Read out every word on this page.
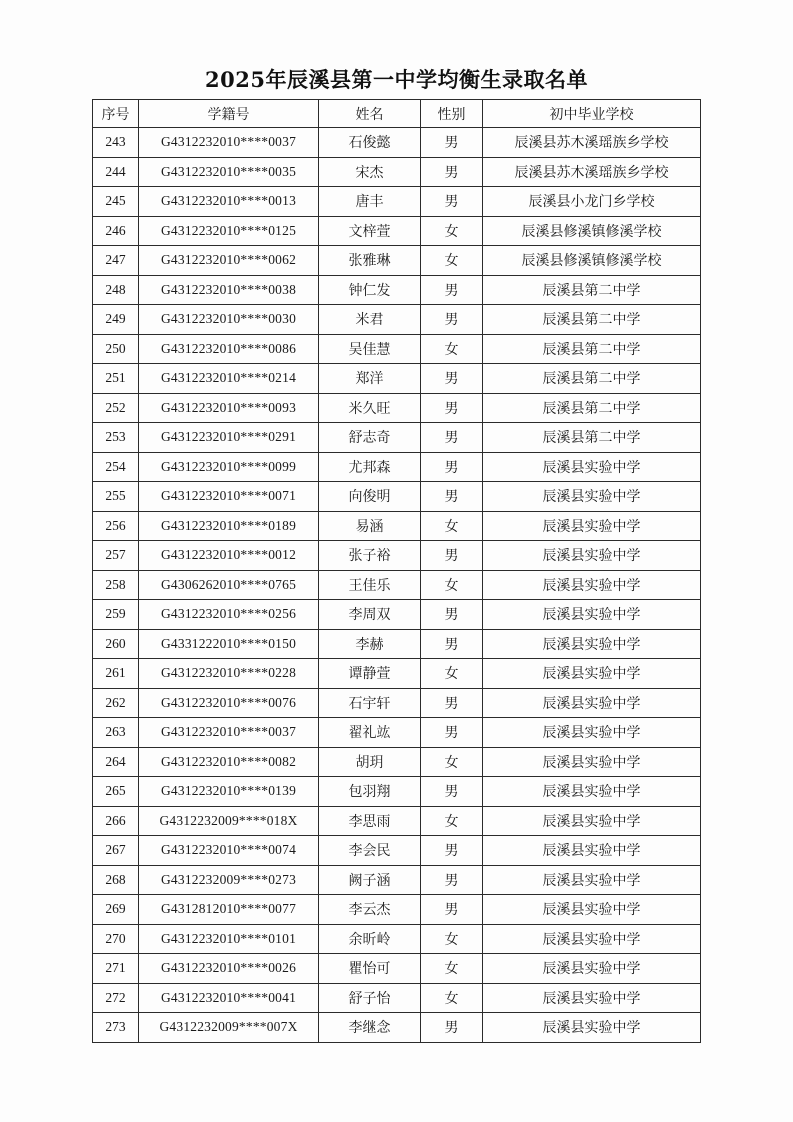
2025年辰溪县第一中学均衡生录取名单
序号	学籍号	姓名	性别	初中毕业学校
243	G4312232010****0037	石俊懿	男	辰溪县苏木溪瑶族乡学校
244	G4312232010****0035	宋杰	男	辰溪县苏木溪瑶族乡学校
245	G4312232010****0013	唐丰	男	辰溪县小龙门乡学校
246	G4312232010****0125	文梓萱	女	辰溪县修溪镇修溪学校
247	G4312232010****0062	张雅琳	女	辰溪县修溪镇修溪学校
248	G4312232010****0038	钟仁发	男	辰溪县第二中学
249	G4312232010****0030	米君	男	辰溪县第二中学
250	G4312232010****0086	吴佳慧	女	辰溪县第二中学
251	G4312232010****0214	郑洋	男	辰溪县第二中学
252	G4312232010****0093	米久旺	男	辰溪县第二中学
253	G4312232010****0291	舒志奇	男	辰溪县第二中学
254	G4312232010****0099	尤邦森	男	辰溪县实验中学
255	G4312232010****0071	向俊明	男	辰溪县实验中学
256	G4312232010****0189	易涵	女	辰溪县实验中学
257	G4312232010****0012	张子裕	男	辰溪县实验中学
258	G4306262010****0765	王佳乐	女	辰溪县实验中学
259	G4312232010****0256	李周双	男	辰溪县实验中学
260	G4331222010****0150	李赫	男	辰溪县实验中学
261	G4312232010****0228	谭静萱	女	辰溪县实验中学
262	G4312232010****0076	石宇轩	男	辰溪县实验中学
263	G4312232010****0037	翟礼竑	男	辰溪县实验中学
264	G4312232010****0082	胡玥	女	辰溪县实验中学
265	G4312232010****0139	包羽翔	男	辰溪县实验中学
266	G4312232009****018X	李思雨	女	辰溪县实验中学
267	G4312232010****0074	李会民	男	辰溪县实验中学
268	G4312232009****0273	阙子涵	男	辰溪县实验中学
269	G4312812010****0077	李云杰	男	辰溪县实验中学
270	G4312232010****0101	余昕岭	女	辰溪县实验中学
271	G4312232010****0026	瞿怡可	女	辰溪县实验中学
272	G4312232010****0041	舒子怡	女	辰溪县实验中学
273	G4312232009****007X	李继念	男	辰溪县实验中学
